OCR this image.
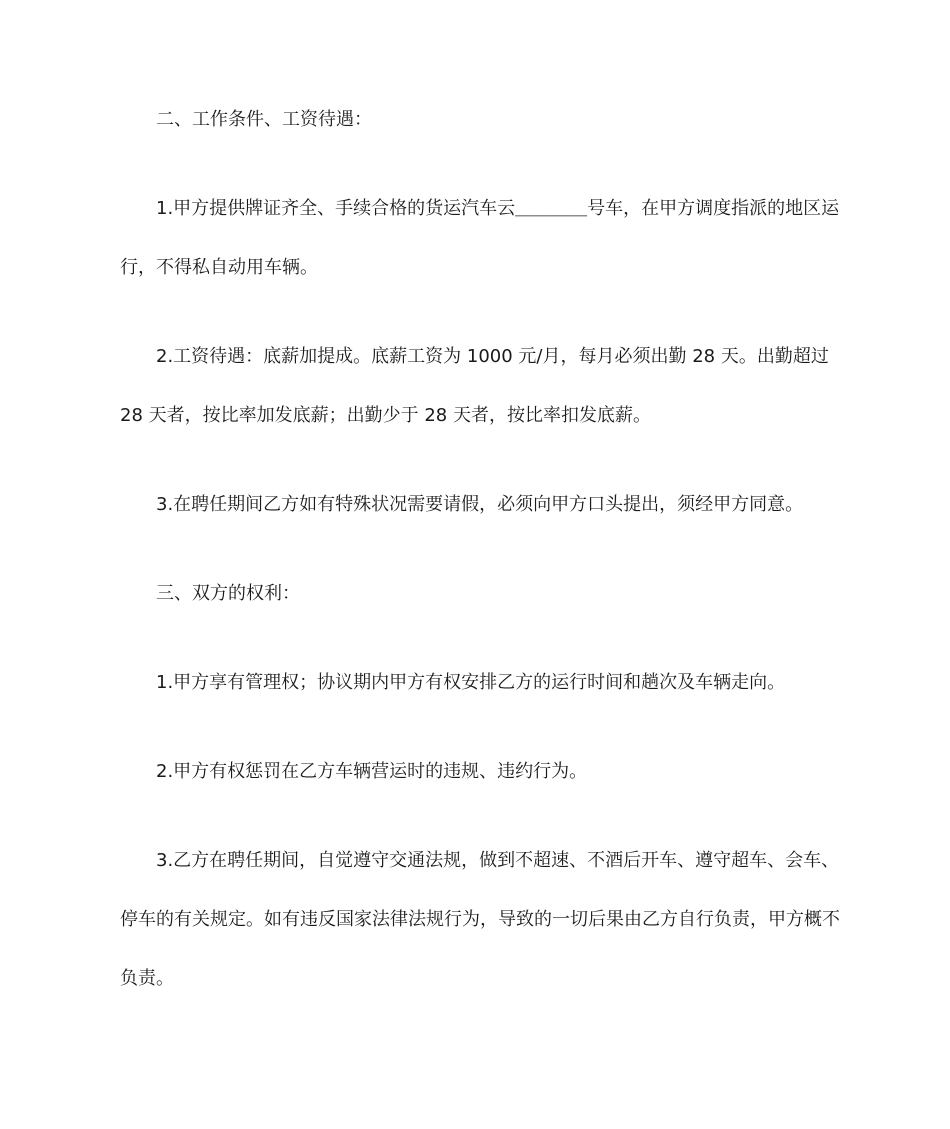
二、工作条件、工资待遇：

1.甲方提供牌证齐全、手续合格的货运汽车云＿＿＿＿号车，在甲方调度指派的地区运行，不得私自动用车辆。

2.工资待遇：底薪加提成。底薪工资为 1000 元/月，每月必须出勤 28 天。出勤超过28 天者，按比率加发底薪；出勤少于 28 天者，按比率扣发底薪。

3.在聘任期间乙方如有特殊状况需要请假，必须向甲方口头提出，须经甲方同意。

三、双方的权利：

1.甲方享有管理权；协议期内甲方有权安排乙方的运行时间和趟次及车辆走向。

2.甲方有权惩罚在乙方车辆营运时的违规、违约行为。

3.乙方在聘任期间，自觉遵守交通法规，做到不超速、不酒后开车、遵守超车、会车、停车的有关规定。如有违反国家法律法规行为，导致的一切后果由乙方自行负责，甲方概不负责。
